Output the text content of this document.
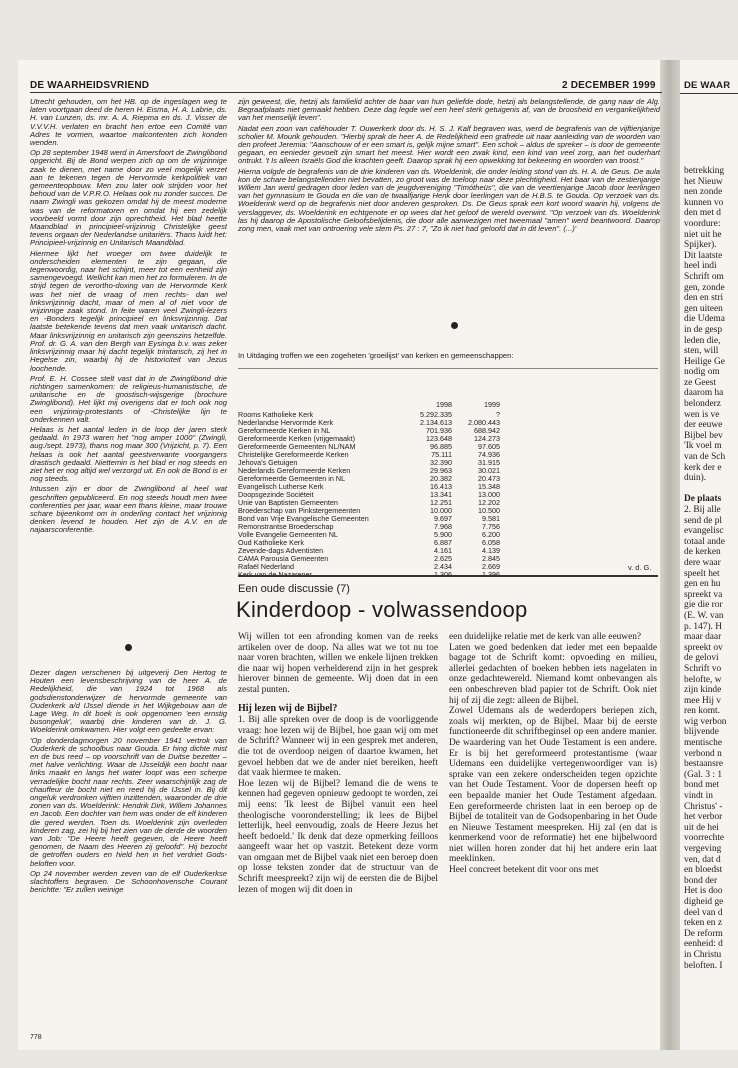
DE WAAR
betrekking
het Nieuw
nen zonde
kunnen vo
den met d
voordure:
niet uit he
Spijker).
Dit laatste
heel indi
Schrift om
gen, zonde
den en stri
gen uiteen
die Udema
in de gesp
leden die,
sten, will
Heilige Ge
nodig om
ze Geest
daarom ha
belonderz
wen is ve
der eeuwe
Bijbel bev
'Ik voel m
van de Sch
kerk der e
duin).
De plaats
2. Bij alle
send de pl
evangelisc
totaal ande
de kerken
dere waar
speelt het
gen en hu
spreekt va
gie die ror
(E. W. van
p. 147). H
maar daar
spreekt ov
de gelovi
Schrift vo
belofte, w
zijn kinde
mee Hij v
ren komt.
wig verbon
blijvende
mentische
verbond n
bestaansre
(Gal. 3 : 1
bond met
vindt in
Christus' -
het verbor
uit de hei
voorrechte
vergeving
ven, dat d
en bloedst
bond der
Het is doo
digheid ge
deel van d
teken en z
De reform
eenheid: d
in Christu
beloften. I
DE WAARHEIDSVRIEND	2 DECEMBER 1999

Utrecht gehouden, om het HB. op de ingeslagen weg te laten voortgaan deed de heren H. Eisma, H. A. Labrie, ds. H. van Lunzen, ds. mr. A. A. Riepma en ds. J. Visser de V.V.V.H. verlaten en bracht hen ertoe een Comité van Adres te vormen, waartoe malcontenten zich konden wenden.

Op 28 september 1948 werd in Amersfoort de Zwinglibond opgericht. Bij de Bond werpen zich op om de vrijzinnige zaak te dienen, met name door zo veel mogelijk verzet aan te tekenen tegen de Hervormde kerkpolitiek van gemeenteopbouw. Men zou later ook strijden voor het behoud van de V.P.R.O. Helaas ook nu zonder succes. De naam Zwingli was gekozen omdat hij de meest moderne was van de reformatoren en omdat hij een zedelijk voorbeeld vormt door zijn oprechtheid. Het blad heette Maandblad in principieel-vrijzinnig Christelijke geest tevens orgaan der Nederlandse unitariërs. Thans luidt het: Principieel-vrijzinnig en Unitarisch Maandblad.

Hiermee lijkt het vroeger om twee duidelijk te onderscheiden elementen te zijn gegaan, die tegenwoordig, naar het schijnt, meer tot een eenheid zijn samengevoegd. Wellicht kan men het zo formuleren. In de strijd tegen de verortho-doxing van de Hervormde Kerk was het niet de vraag of men rechts- dan wel linksvrijzinnig dacht, maar of men al of niet voor de vrijzinnige zaak stond. In feite waren veel Zwingli-lezers en -Bonders tegelijk principieel en linksvrijzinnig. Dat laatste betekende tevens dat men vaak unitarisch dacht. Maar linksvrijzinnig en unitarisch zijn geenszins hetzelfde. Prof. dr. G. A. van den Bergh van Eysinga b.v. was zeker linksvrijzinnig maar hij dacht tegelijk trinitarisch, zij het in Hegelse zin, waarbij hij de historiciteit van Jezus loochende.

Prof. E. H. Cossee stelt vast dat in de Zwinglibond drie richtingen samenkomen: de religieus-humanistische, de unitarische en de gnostisch-wijsgerige (brochure Zwinglibond). Het lijkt mij overigens dat er toch ook nog een vrijzinnig-protestants of -Christelijke lijn te onderkennen valt.

Helaas is het aantal leden in de loop der jaren sterk gedaald. In 1973 waren het "nog amper 1000" (Zwingli, aug./sept. 1973), thans nog maar 300 (Vrijzicht, p. 7). Een helaas is ook het aantal geestverwante voorgangers drastisch gedaald. Niettemin is het blad er nog steeds en ziet het er nog altijd wel verzorgd uit. En ook de Bond is er nog steeds.

Intussen zijn er door de Zwinglibond al heel wat geschriften gepubliceerd. En nog steeds houdt men twee conferenties per jaar, waar een thans kleine, maar trouwe schare bijeenkomt om in onderling contact het vrijzinnig denken levend te houden. Het zijn de A.V. en de najaarsconferentie.

Dezer dagen verschenen bij uitgeverij Den Hertog te Houten een levensbeschrijving van de heer A. de Redelijkheid, die van 1924 tot 1968 als godsdienstonderwijzer de hervormde gemeente van Ouderkerk a/d IJssel diende in het Wijkgebouw aan de Lage Weg. In dit boek is ook opgenomen 'een ernstig busongeluk', waarbij drie kinderen van dr. J. G. Woelderink omkwamen. Hier volgt een gedeelte ervan:

'Op donderdagmorgen 20 november 1941 vertrok van Ouderkerk de schoolbus naar Gouda. Er hing dichte mist en de bus reed – op voorschrift van de Duitse bezetter – met halve verlichting. Waar de IJsseldijk een bocht naar links maakt en langs het water loopt was een scherpe verradelijke bocht naar rechts. Zeer waarschijnlijk zag de chauffeur de bocht niet en reed hij de IJssel in. Bij dit ongeluk verdronken vijftien inzittenden, waaronder de drie zonen van ds. Woelderink: Hendrik Dirk, Willem Johannes en Jacob. Een dochter van hem was onder de elf kinderen die gered werden. Toen ds. Woelderink zijn overleden kinderen zag, zei hij bij het zien van de derde de woorden van Job: "De Heere heeft gegeven, de Heere heeft genomen, de Naam des Heeren zij geloofd". Hij bezocht de getroffen ouders en hield hen in het verdriet Gods-beloften voor.

Op 24 november werden zeven van de elf Ouderkerkse slachtoffers begraven. De Schoonhovensche Courant berichtte: "Er zullen weinige

zijn geweest, die, hetzij als familielid achter de baar van hun geliefde dode, hetzij als belangstellende, de gang naar de Alg. Begraafplaats niet gemaakt hebben. Deze dag legde wel een heel sterk getuigenis af, van de broosheid en vergankelijkheid van het menselijk leven".

Nadat een zoon van caféhouder T. Ouwerkerk door ds. H. S. J. Kalf begraven was, werd de begrafenis van de vijftienjarige scholier M. Mourik gehouden. "Hierbij sprak de heer A. de Redelijkheid een grafrede uit naar aanleiding van de woorden van den profeet Jeremia: "Aanschouw of er een smart is, gelijk mijne smart". Een schok – aldus de spreker – is door de gemeente gegaan, en eenieder gevoelt zijn smart het meest. Hier wordt een zwak kind, een kind van veel zorg, aan het ouderhart ontrukt. 't Is alleen Israëls God die krachten geeft. Daarop sprak hij een opwekking tot bekeering en woorden van troost."

Hierna volgde de begrafenis van de drie kinderen van ds. Woelderink, die onder leiding stond van ds. H. A. de Geus. De aula kon de schare belangstellenden niet bevatten, zo groot was de toeloop naar deze plechtigheid. Het baar van de zestienjarige Willem Jan werd gedragen door leden van de jeugdvereniging "Timótheüs", die van de veertienjarige Jacob door leerlingen van het gymnasium te Gouda en die van de twaalfjarige Henk door leerlingen van de H.B.S. te Gouda. Op verzoek van ds. Woelderink werd op de begrafenis niet door anderen gesproken. Ds. De Geus sprak een kort woord waarin hij, volgens de verslaggever, ds. Woelderink en echtgenote er op wees dat het geloof de wereld overwint. "Op verzoek van ds. Woelderink las hij daarop de Apostolische Geloofsbelijdenis, die door alle aanwezigen met tweemaal "amen" werd beantwoord. Daarop zong men, vaak met van ontroering vele stem Ps. 27 : 7, "Zo ik niet had geloofd dat in dit leven". (...)'

In Uitdaging troffen we een zogeheten 'groeilijst' van kerken en gemeenschappen:
	1998	1999
Rooms Katholieke Kerk	5.292.335	?
Nederlandse Hervormde Kerk	2.134.613	2.080.443
Gereformeerde Kerken in NL	701.936	688.942
Gereformeerde Kerken (vrijgemaakt)	123.648	124.273
Gereformeerde Gemeenten NL/NAM	96.885	97.605
Christelijke Gereformeerde Kerken	75.111	74.936
Jehova's Getuigen	32.390	31.915
Nederlands Gereformeerde Kerken	29.963	30.021
Gereformeerde Gemeenten in NL	20.382	20.473
Evangelisch Lutherse Kerk	16.413	15.348
Doopsgezinde Sociëteit	13.341	13.000
Unie van Baptisten Gemeenten	12.251	12.202
Broederschap van Pinkstergemeenten	10.000	10.500
Bond van Vrije Evangelische Gemeenten	9.697	9.581
Remonstrantse Broederschap	7.968	7.756
Volle Evangelie Gemeenten NL	5.900	6.200
Oud Katholieke Kerk	6.887	6.058
Zevende-dags Adventisten	4.161	4.139
CAMA Parousia Gemeenten	2.625	2.845
Rafaël Nederland	2.434	2.669
			v. d. G.
Een oude discussie (7)
Kinderdoop - volwassendoop

Wij willen tot een afronding komen van de reeks artikelen over de doop. Na alles wat we tot nu toe naar voren brachten, willen we enkele lijnen trekken die naar wij hopen verhelderend zijn in het gesprek hierover binnen de gemeente. Wij doen dat in een zestal punten.

Hij lezen wij de Bijbel?

1. Bij alle spreken over de doop is de voorliggende vraag: hoe lezen wij de Bijbel, hoe gaan wij om met de Schrift? Wanneer wij in een gesprek met anderen, die tot de overdoop neigen of daartoe kwamen, het gevoel hebben dat we de ander niet bereiken, heeft dat vaak hiermee te maken.

Hoe lezen wij de Bijbel? Iemand die de wens te kennen had gegeven opnieuw gedoopt te worden, zei mij eens: 'Ik leest de Bijbel vanuit een heel theologische vooronderstelling; ik lees de Bijbel letterlijk, heel eenvoudig, zoals de Heere Jezus het heeft bedoeld.' Ik denk dat deze opmerking feilloos aangeeft waar het op vastzit. Betekent deze vorm van omgaan met de Bijbel vaak niet een beroep doen op losse teksten zonder dat de structuur van de Schrift meespreekt? zijn wij de eersten die de Bijbel lezen of mogen wij dit doen in

een duidelijke relatie met de kerk van alle eeuwen?

Laten we goed bedenken dat ieder met een bepaalde bagage tot de Schrift komt: opvoeding en milieu, allerlei gedachten of boeken hebben iets nagelaten in onze gedachtewereld. Niemand komt onbevangen als een onbeschreven blad papier tot de Schrift. Ook niet hij of zij die zegt: alleen de Bijbel.

Zowel Udemans als de wederdopers beriepen zich, zoals wij merkten, op de Bijbel. Maar bij de eerste functioneerde dit schriftbeginsel op een andere manier. De waardering van het Oude Testament is een andere. Er is bij het gereformeerd protestantisme (waar Udemans een duidelijke vertegenwoordiger van is) sprake van een zekere onderscheiden tegen opzichte van het Oude Testament. Voor de dopersen heeft op een bepaalde manier het Oude Testament afgedaan. Een gereformeerde christen laat in een beroep op de Bijbel de totaliteit van de Godsopenbaring in het Oude en Nieuwe Testament meespreken. Hij zal (en dat is kenmerkend voor de reformatie) het ene bijbelwoord niet willen horen zonder dat hij het andere erin laat meeklinken.

Heel concreet betekent dit voor ons met

778
